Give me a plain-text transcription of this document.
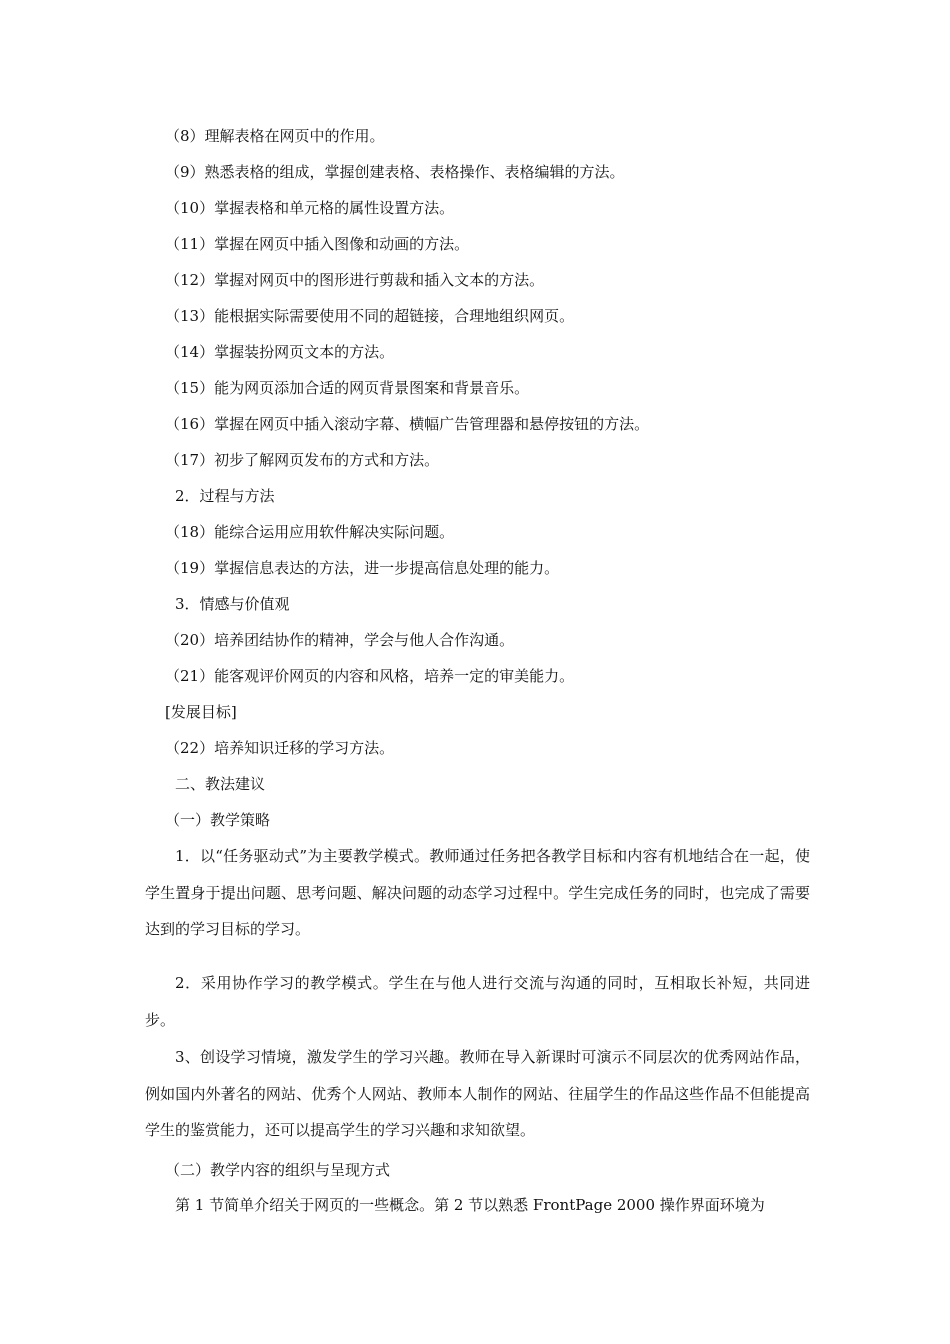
（8）理解表格在网页中的作用。
（9）熟悉表格的组成，掌握创建表格、表格操作、表格编辑的方法。
（10）掌握表格和单元格的属性设置方法。
（11）掌握在网页中插入图像和动画的方法。
（12）掌握对网页中的图形进行剪裁和插入文本的方法。
（13）能根据实际需要使用不同的超链接，合理地组织网页。
（14）掌握装扮网页文本的方法。
（15）能为网页添加合适的网页背景图案和背景音乐。
（16）掌握在网页中插入滚动字幕、横幅广告管理器和悬停按钮的方法。
（17）初步了解网页发布的方式和方法。
2．过程与方法
（18）能综合运用应用软件解决实际问题。
（19）掌握信息表达的方法，进一步提高信息处理的能力。
3．情感与价值观
（20）培养团结协作的精神，学会与他人合作沟通。
（21）能客观评价网页的内容和风格，培养一定的审美能力。
[发展目标]
（22）培养知识迁移的学习方法。
二、教法建议
（一）教学策略
1．以“任务驱动式”为主要教学模式。教师通过任务把各教学目标和内容有机地结合在一起，使学生置身于提出问题、思考问题、解决问题的动态学习过程中。学生完成任务的同时，也完成了需要达到的学习目标的学习。
2．采用协作学习的教学模式。学生在与他人进行交流与沟通的同时，互相取长补短，共同进步。
3、创设学习情境，激发学生的学习兴趣。教师在导入新课时可演示不同层次的优秀网站作品，例如国内外著名的网站、优秀个人网站、教师本人制作的网站、往届学生的作品这些作品不但能提高学生的鉴赏能力，还可以提高学生的学习兴趣和求知欲望。
（二）教学内容的组织与呈现方式
第 1 节简单介绍关于网页的一些概念。第 2 节以熟悉 FrontPage 2000 操作界面环境为
